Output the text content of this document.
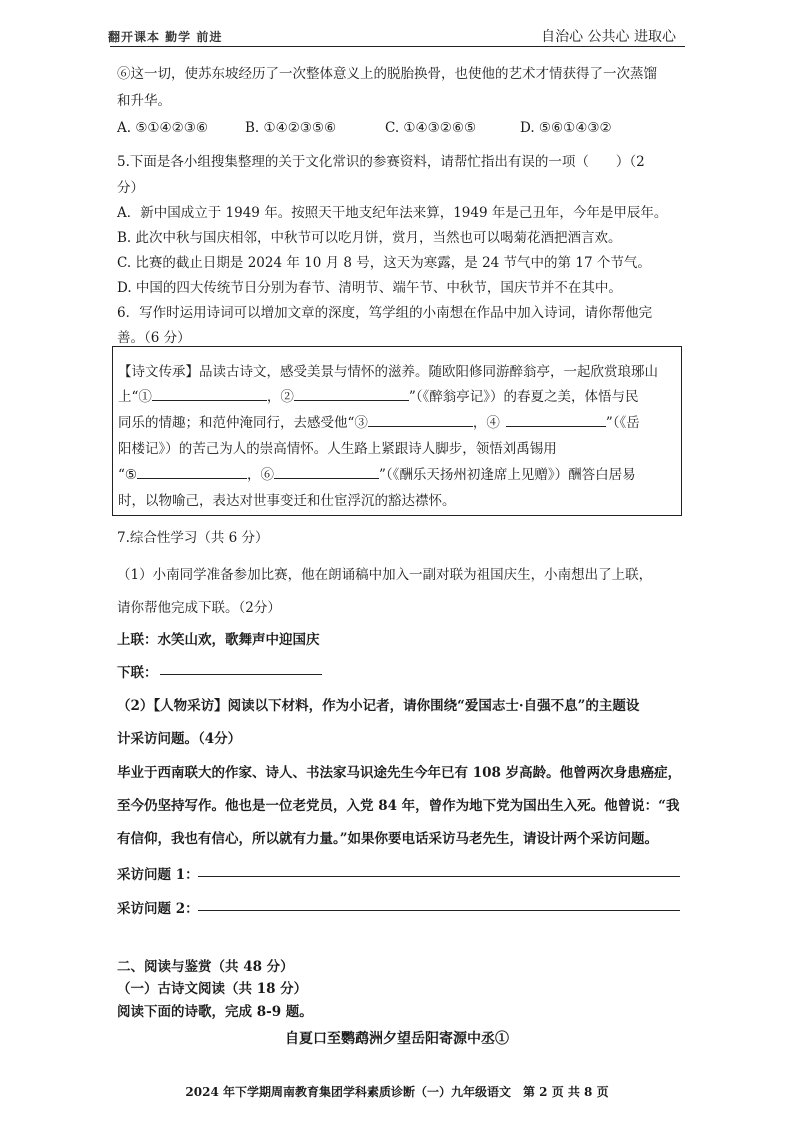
翻开课本 勤学 前进	自治心 公共心 进取心
⑥这一切，使苏东坡经历了一次整体意义上的脱胎换骨，也使他的艺术才情获得了一次蒸馏
和升华。
A. ⑤①④②③⑥	B. ①④②③⑤⑥	C. ①④③②⑥⑤	D. ⑤⑥①④③②
5.下面是各小组搜集整理的关于文化常识的参赛资料，请帮忙指出有误的一项（　　）（2
分）
A．新中国成立于 1949 年。按照天干地支纪年法来算，1949 年是己丑年，今年是甲辰年。
B. 此次中秋与国庆相邻，中秋节可以吃月饼，赏月，当然也可以喝菊花酒把酒言欢。
C. 比赛的截止日期是 2024 年 10 月 8 号，这天为寒露，是 24 节气中的第 17 个节气。
D. 中国的四大传统节日分别为春节、清明节、端午节、中秋节，国庆节并不在其中。
6．写作时运用诗词可以增加文章的深度，笃学组的小南想在作品中加入诗词，请你帮他完
善。（6 分）
【诗文传承】品读古诗文，感受美景与情怀的滋养。随欧阳修同游醉翁亭，一起欣赏琅琊山
上“①	，②	”（《醉翁亭记》）的春夏之美，体悟与民
同乐的情趣；和范仲淹同行，去感受他“③	，④	”（《岳
阳楼记》）的苦己为人的崇高情怀。人生路上紧跟诗人脚步，领悟刘禹锡用
“⑤	，⑥	”（《酬乐天扬州初逢席上见赠》）酬答白居易
时，以物喻己，表达对世事变迁和仕宦浮沉的豁达襟怀。
7.综合性学习（共 6 分）
（1）小南同学准备参加比赛，他在朗诵稿中加入一副对联为祖国庆生，小南想出了上联，
请你帮他完成下联。（2分）
上联：水笑山欢，歌舞声中迎国庆
下联：
（2）【人物采访】阅读以下材料，作为小记者，请你围绕“爱国志士·自强不息”的主题设
计采访问题。（4分）
毕业于西南联大的作家、诗人、书法家马识途先生今年已有 108 岁高龄。他曾两次身患癌症，
至今仍坚持写作。他也是一位老党员，入党 84 年，曾作为地下党为国出生入死。他曾说：“我
有信仰，我也有信心，所以就有力量。”如果你要电话采访马老先生，请设计两个采访问题。
采访问题 1：
采访问题 2：
二、阅读与鉴赏（共 48 分）
（一）古诗文阅读（共 18 分）
阅读下面的诗歌，完成 8-9 题。
自夏口至鹦鹉洲夕望岳阳寄源中丞①
2024 年下学期周南教育集团学科素质诊断（一）九年级语文　第 2 页 共 8 页
